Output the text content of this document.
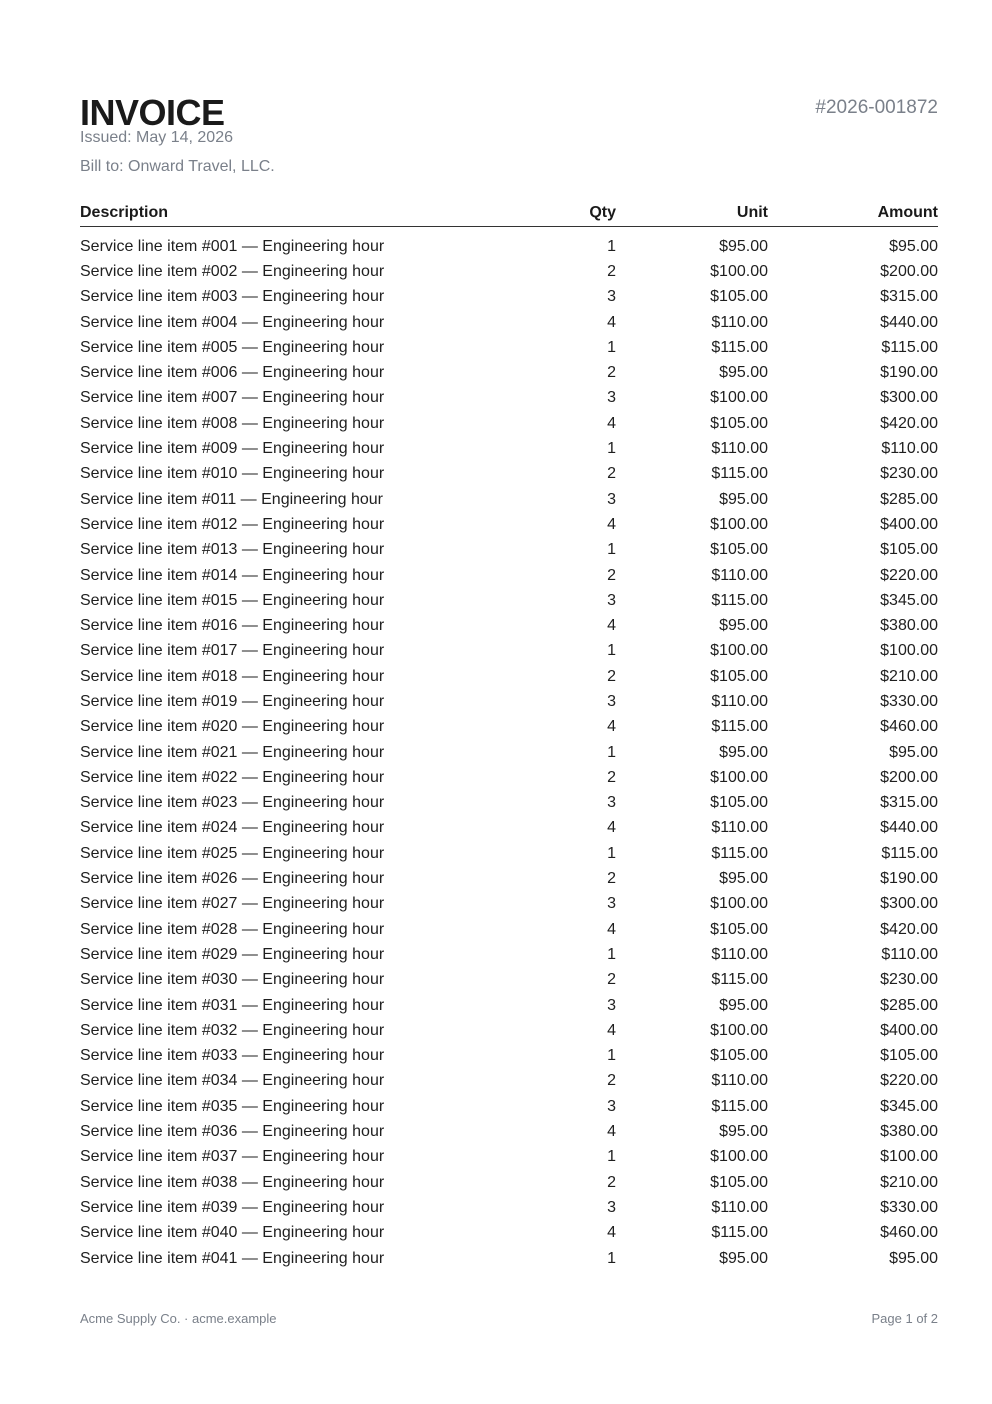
INVOICE	#2026-001872
Issued: May 14, 2026
Bill to: Onward Travel, LLC.
Description	Qty	Unit	Amount

Service line item #001 — Engineering hour	1	$95.00	$95.00
Service line item #002 — Engineering hour	2	$100.00	$200.00
Service line item #003 — Engineering hour	3	$105.00	$315.00
Service line item #004 — Engineering hour	4	$110.00	$440.00
Service line item #005 — Engineering hour	1	$115.00	$115.00
Service line item #006 — Engineering hour	2	$95.00	$190.00
Service line item #007 — Engineering hour	3	$100.00	$300.00
Service line item #008 — Engineering hour	4	$105.00	$420.00
Service line item #009 — Engineering hour	1	$110.00	$110.00
Service line item #010 — Engineering hour	2	$115.00	$230.00
Service line item #011 — Engineering hour	3	$95.00	$285.00
Service line item #012 — Engineering hour	4	$100.00	$400.00
Service line item #013 — Engineering hour	1	$105.00	$105.00
Service line item #014 — Engineering hour	2	$110.00	$220.00
Service line item #015 — Engineering hour	3	$115.00	$345.00
Service line item #016 — Engineering hour	4	$95.00	$380.00
Service line item #017 — Engineering hour	1	$100.00	$100.00
Service line item #018 — Engineering hour	2	$105.00	$210.00
Service line item #019 — Engineering hour	3	$110.00	$330.00
Service line item #020 — Engineering hour	4	$115.00	$460.00
Service line item #021 — Engineering hour	1	$95.00	$95.00
Service line item #022 — Engineering hour	2	$100.00	$200.00
Service line item #023 — Engineering hour	3	$105.00	$315.00
Service line item #024 — Engineering hour	4	$110.00	$440.00
Service line item #025 — Engineering hour	1	$115.00	$115.00
Service line item #026 — Engineering hour	2	$95.00	$190.00
Service line item #027 — Engineering hour	3	$100.00	$300.00
Service line item #028 — Engineering hour	4	$105.00	$420.00
Service line item #029 — Engineering hour	1	$110.00	$110.00
Service line item #030 — Engineering hour	2	$115.00	$230.00
Service line item #031 — Engineering hour	3	$95.00	$285.00
Service line item #032 — Engineering hour	4	$100.00	$400.00
Service line item #033 — Engineering hour	1	$105.00	$105.00
Service line item #034 — Engineering hour	2	$110.00	$220.00
Service line item #035 — Engineering hour	3	$115.00	$345.00
Service line item #036 — Engineering hour	4	$95.00	$380.00
Service line item #037 — Engineering hour	1	$100.00	$100.00
Service line item #038 — Engineering hour	2	$105.00	$210.00
Service line item #039 — Engineering hour	3	$110.00	$330.00
Service line item #040 — Engineering hour	4	$115.00	$460.00
Service line item #041 — Engineering hour	1	$95.00	$95.00
Acme Supply Co. · acme.example	Page 1 of 2
